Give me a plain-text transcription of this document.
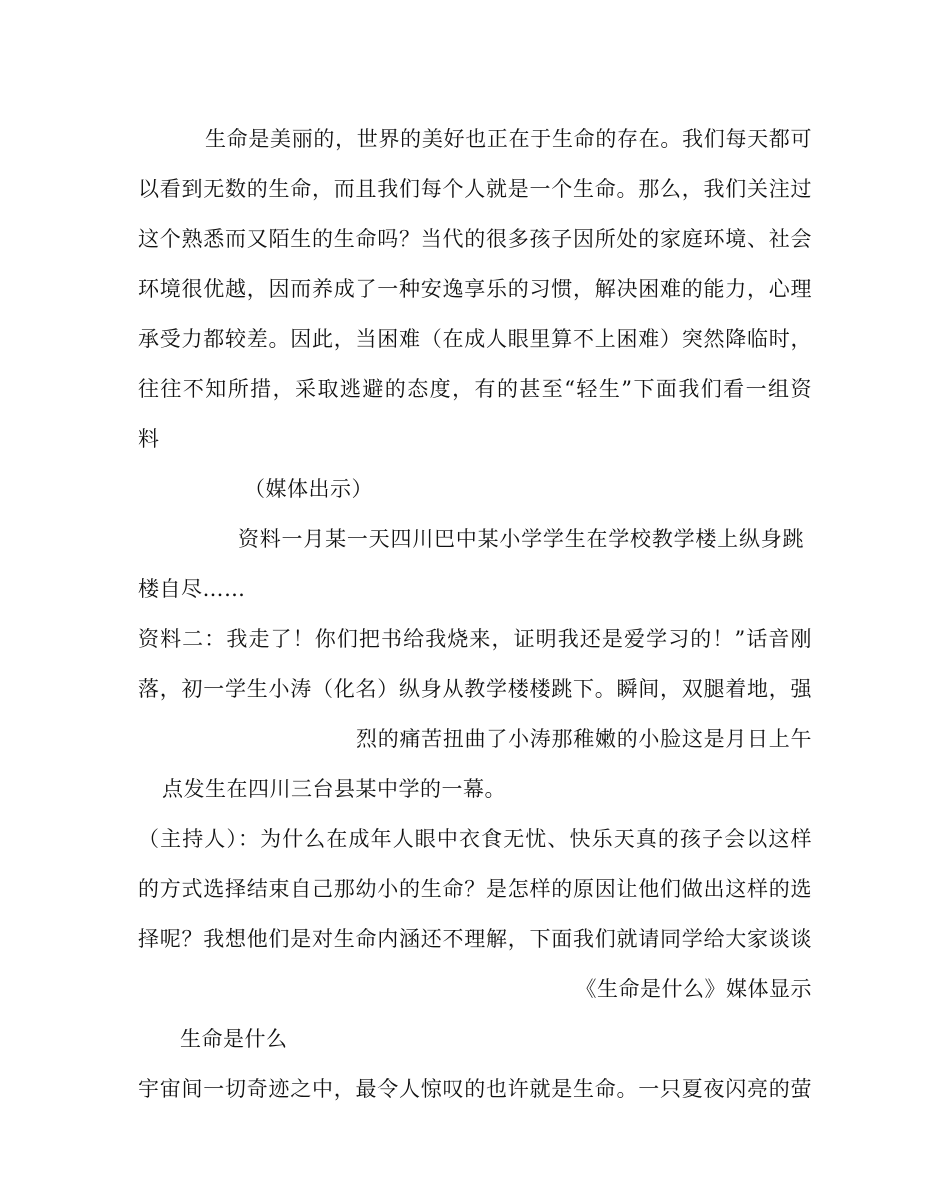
生命是美丽的，世界的美好也正在于生命的存在。我们每天都可

以看到无数的生命，而且我们每个人就是一个生命。那么，我们关注过

这个熟悉而又陌生的生命吗？当代的很多孩子因所处的家庭环境、社会

环境很优越，因而养成了一种安逸享乐的习惯，解决困难的能力，心理

承受力都较差。因此，当困难（在成人眼里算不上困难）突然降临时，

往往不知所措，采取逃避的态度，有的甚至“轻生”下面我们看一组资

料

（媒体出示）

资料一月某一天四川巴中某小学学生在学校教学楼上纵身跳

楼自尽……

资料二：我走了！你们把书给我烧来，证明我还是爱学习的！”话音刚

落，初一学生小涛（化名）纵身从教学楼楼跳下。瞬间，双腿着地，强

烈的痛苦扭曲了小涛那稚嫩的小脸这是月日上午

点发生在四川三台县某中学的一幕。

（主持人）：为什么在成年人眼中衣食无忧、快乐天真的孩子会以这样

的方式选择结束自己那幼小的生命？是怎样的原因让他们做出这样的选

择呢？我想他们是对生命内涵还不理解，下面我们就请同学给大家谈谈

《生命是什么》媒体显示

生命是什么

宇宙间一切奇迹之中，最令人惊叹的也许就是生命。一只夏夜闪亮的萤
